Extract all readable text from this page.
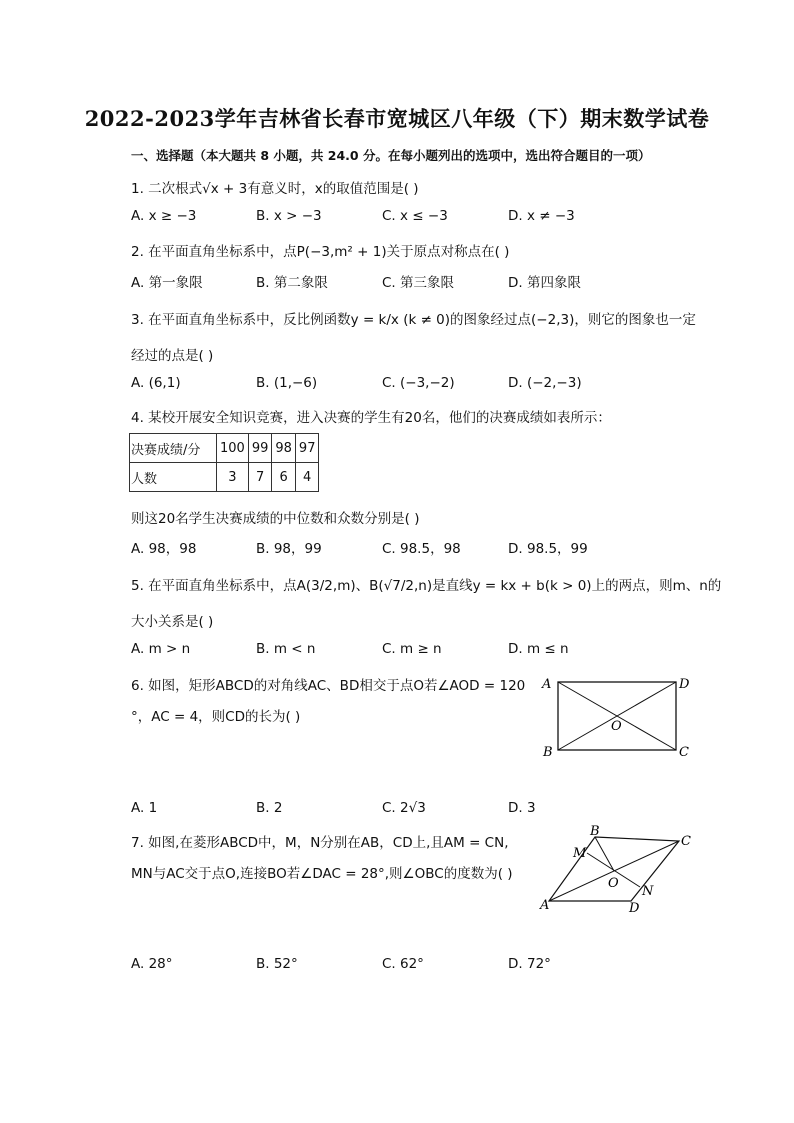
2022-2023学年吉林省长春市宽城区八年级（下）期末数学试卷
一、选择题（本大题共 8 小题，共 24.0 分。在每小题列出的选项中，选出符合题目的一项）
1. 二次根式√x + 3有意义时，x的取值范围是( )
A. x ≥ −3	B. x > −3	C. x ≤ −3	D. x ≠ −3
2. 在平面直角坐标系中，点P(−3,m² + 1)关于原点对称点在( )
A. 第一象限	B. 第二象限	C. 第三象限	D. 第四象限
3. 在平面直角坐标系中，反比例函数y = k/x (k ≠ 0)的图象经过点(−2,3)，则它的图象也一定
经过的点是( )
A. (6,1)	B. (1,−6)	C. (−3,−2)	D. (−2,−3)
4. 某校开展安全知识竞赛，进入决赛的学生有20名，他们的决赛成绩如表所示：
决赛成绩/分	100	99	98	97
人数	3	7	6	4
则这20名学生决赛成绩的中位数和众数分别是( )
A. 98，98	B. 98，99	C. 98.5，98	D. 98.5，99
5. 在平面直角坐标系中，点A(3/2,m)、B(√7/2,n)是直线y = kx + b(k > 0)上的两点，则m、n的
大小关系是( )
A. m > n	B. m < n	C. m ≥ n	D. m ≤ n
6. 如图，矩形ABCD的对角线AC、BD相交于点O若∠AOD = 120
°，AC = 4，则CD的长为( )
A	D
O
B	C
A. 1	B. 2	C. 2√3	D. 3
7. 如图,在菱形ABCD中，M，N分别在AB，CD上,且AM = CN,
MN与AC交于点O,连接BO若∠DAC = 28°,则∠OBC的度数为( )
B
C
M
O
N
A	D
A. 28°	B. 52°	C. 62°	D. 72°
